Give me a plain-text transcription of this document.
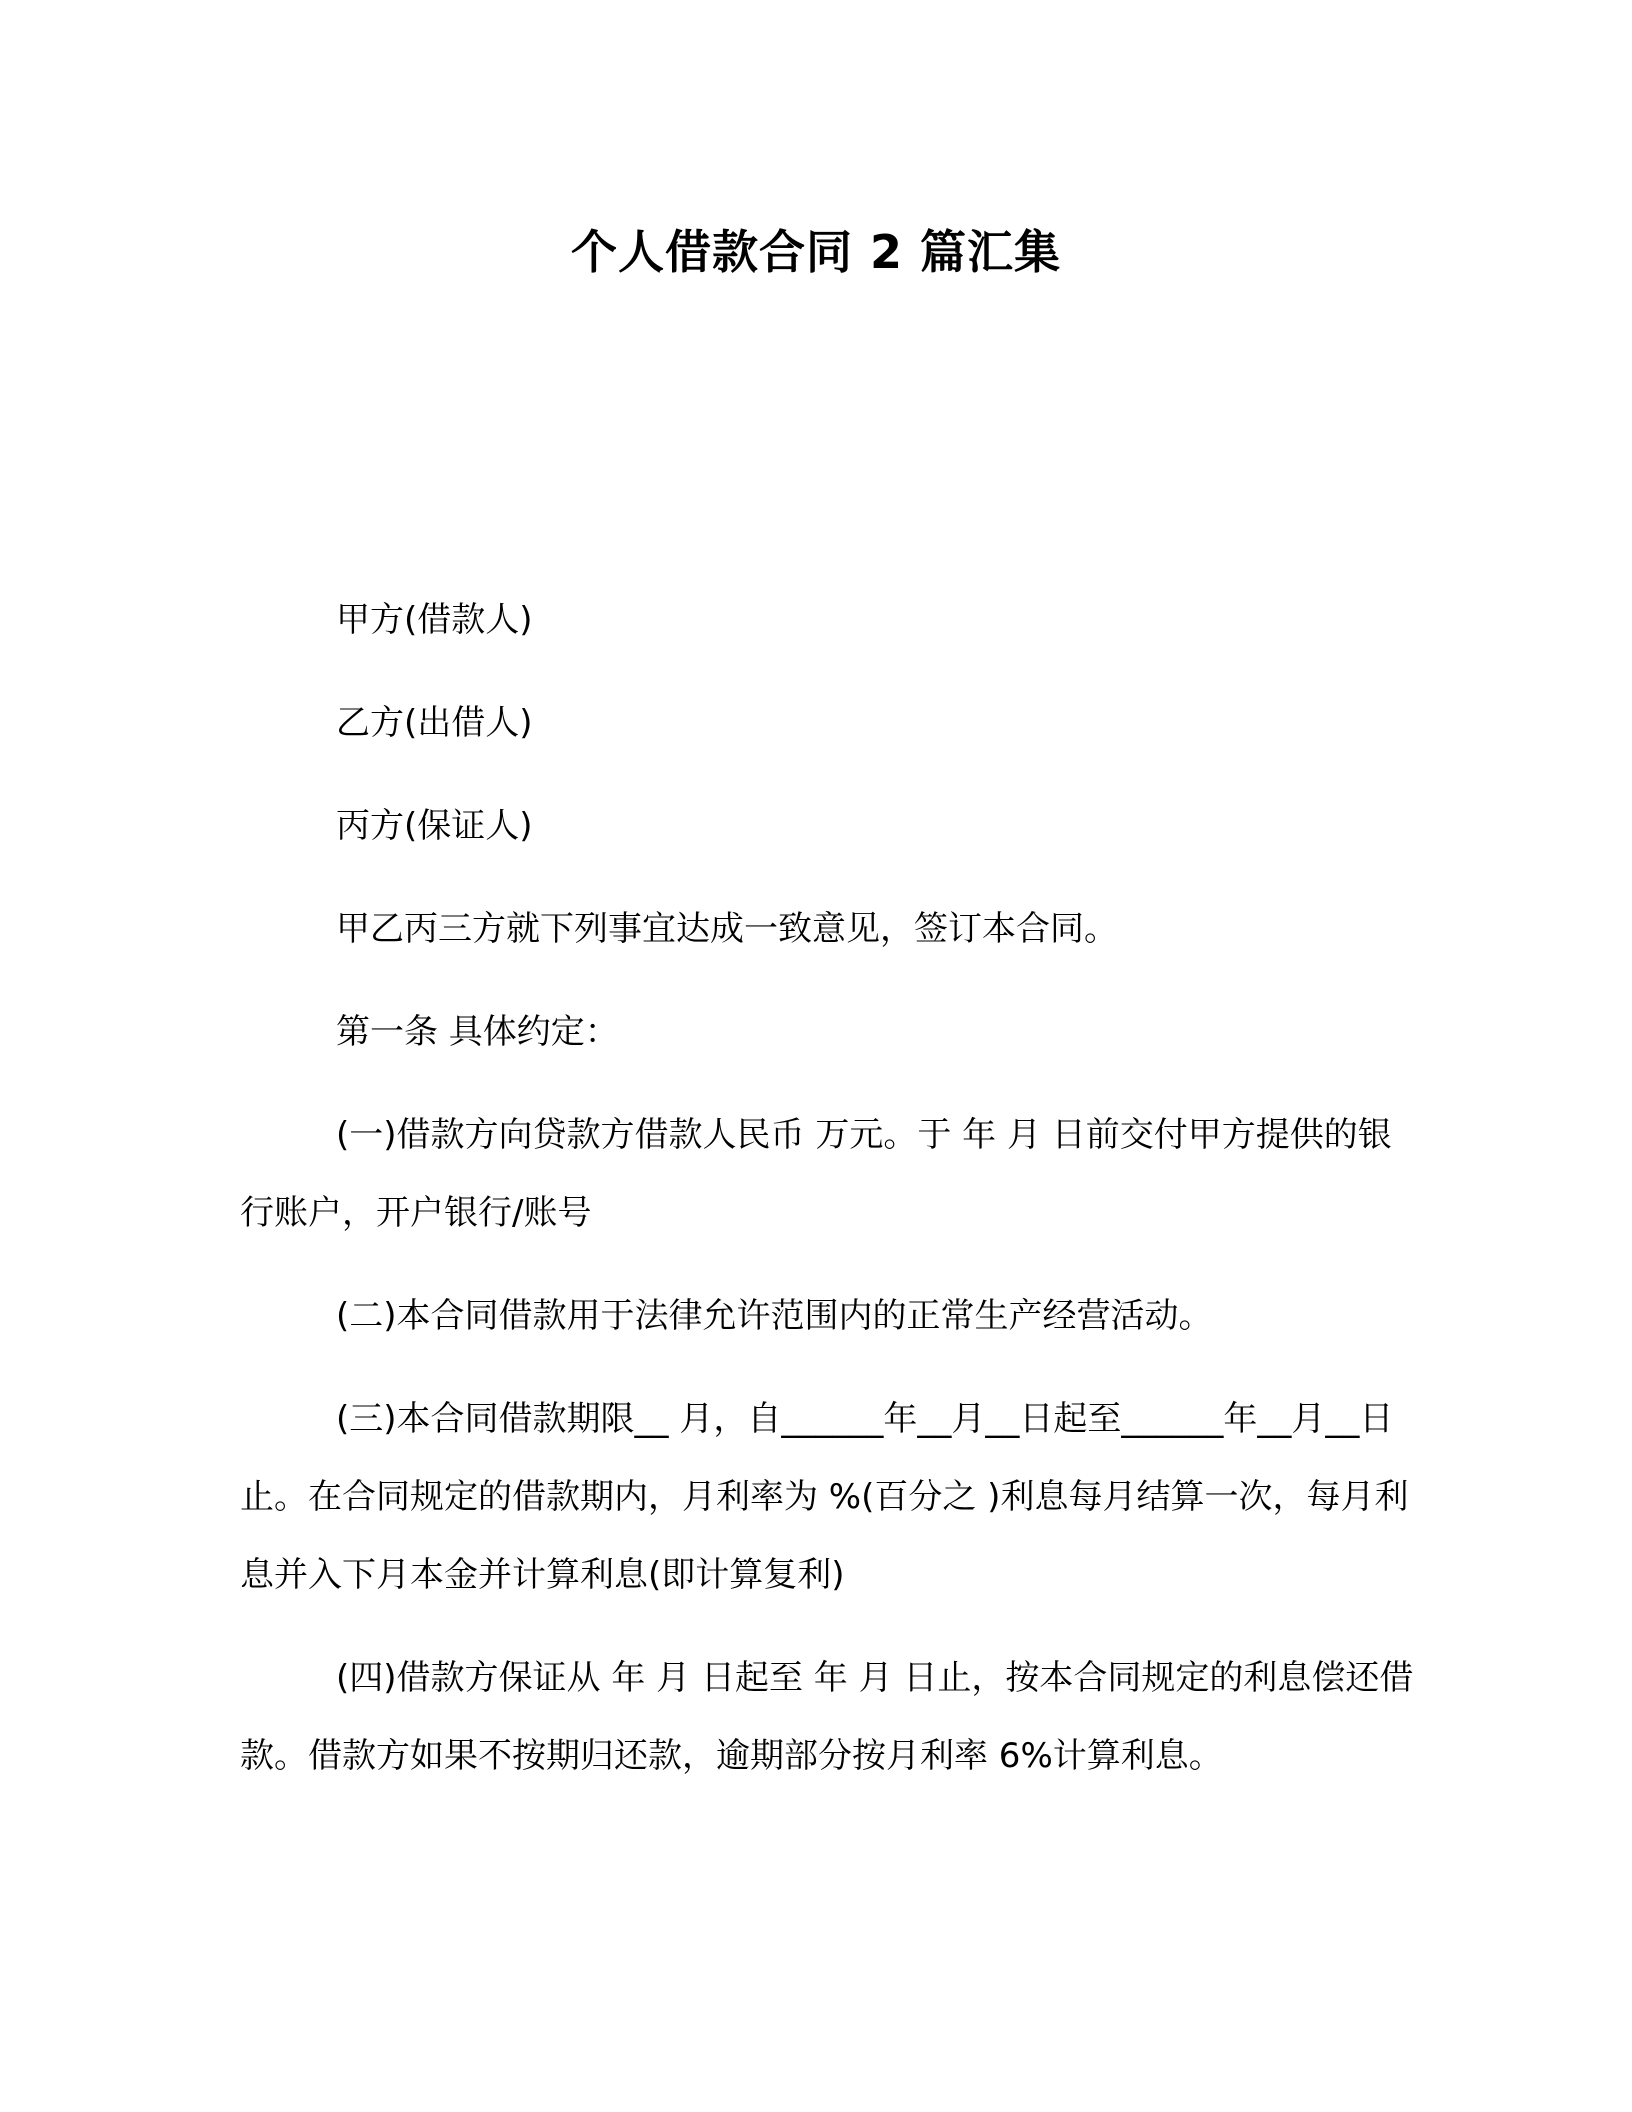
个人借款合同 2 篇汇集

甲方(借款人)

乙方(出借人)

丙方(保证人)

甲乙丙三方就下列事宜达成一致意见，签订本合同。

第一条 具体约定：

(一)借款方向贷款方借款人民币 万元。于 年 月 日前交付甲方提供的银行账户，开户银行/账号

(二)本合同借款用于法律允许范围内的正常生产经营活动。

(三)本合同借款期限__ 月，自______年__月__日起至______年__月__日止。在合同规定的借款期内，月利率为 %(百分之 )利息每月结算一次，每月利息并入下月本金并计算利息(即计算复利)

(四)借款方保证从 年 月 日起至 年 月 日止，按本合同规定的利息偿还借款。借款方如果不按期归还款，逾期部分按月利率 6%计算利息。
